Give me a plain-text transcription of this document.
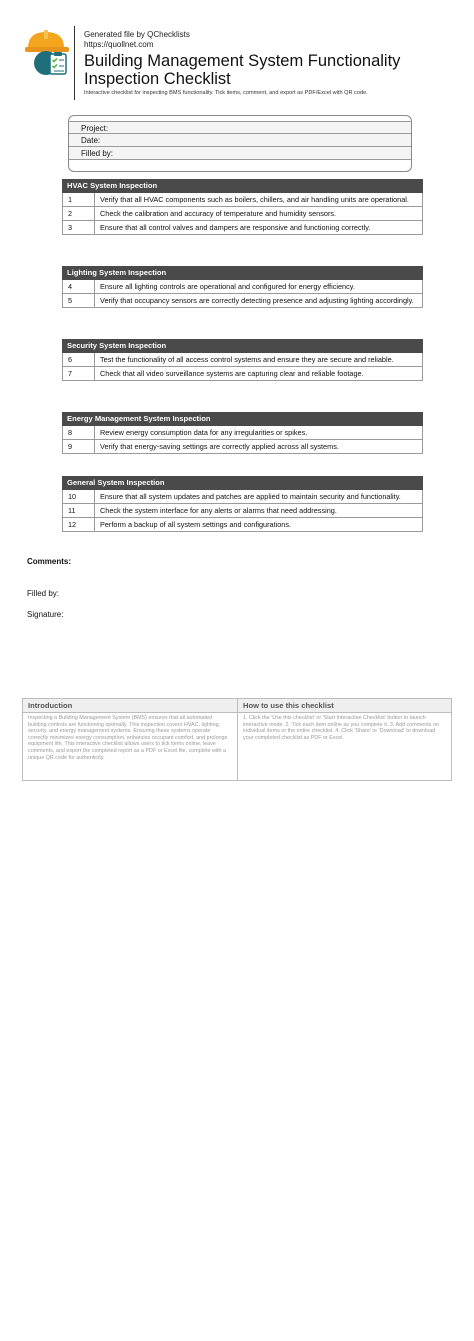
Generated file by QChecklists
https://quollnet.com
Building Management System Functionality
Inspection Checklist
Interactive checklist for inspecting BMS functionality. Tick items, comment, and export as PDF/Excel with QR code.
Project:
Date:
Filled by:
HVAC System Inspection
1	Verify that all HVAC components such as boilers, chillers, and air handling units are operational.
2	Check the calibration and accuracy of temperature and humidity sensors.
3	Ensure that all control valves and dampers are responsive and functioning correctly.
Lighting System Inspection
4	Ensure all lighting controls are operational and configured for energy efficiency.
5	Verify that occupancy sensors are correctly detecting presence and adjusting lighting accordingly.
Security System Inspection
6	Test the functionality of all access control systems and ensure they are secure and reliable.
7	Check that all video surveillance systems are capturing clear and reliable footage.
Energy Management System Inspection
8	Review energy consumption data for any irregularities or spikes.
9	Verify that energy-saving settings are correctly applied across all systems.
General System Inspection
10	Ensure that all system updates and patches are applied to maintain security and functionality.
11	Check the system interface for any alerts or alarms that need addressing.
12	Perform a backup of all system settings and configurations.
Comments:
Filled by:
Signature:
Introduction
Inspecting a Building Management System (BMS) ensures that all automated building controls are functioning optimally. This inspection covers HVAC, lighting, security, and energy management systems. Ensuring these systems operate correctly minimizes energy consumption, enhances occupant comfort, and prolongs equipment life. This interactive checklist allows users to tick items online, leave comments, and export the completed report as a PDF or Excel file, complete with a unique QR code for authenticity.
How to use this checklist
1. Click the 'Use this checklist' or 'Start Interactive Checklist' button to launch interactive mode. 2. Tick each item online as you complete it. 3. Add comments on individual items or the entire checklist. 4. Click 'Share' or 'Download' to download your completed checklist as PDF or Excel.
